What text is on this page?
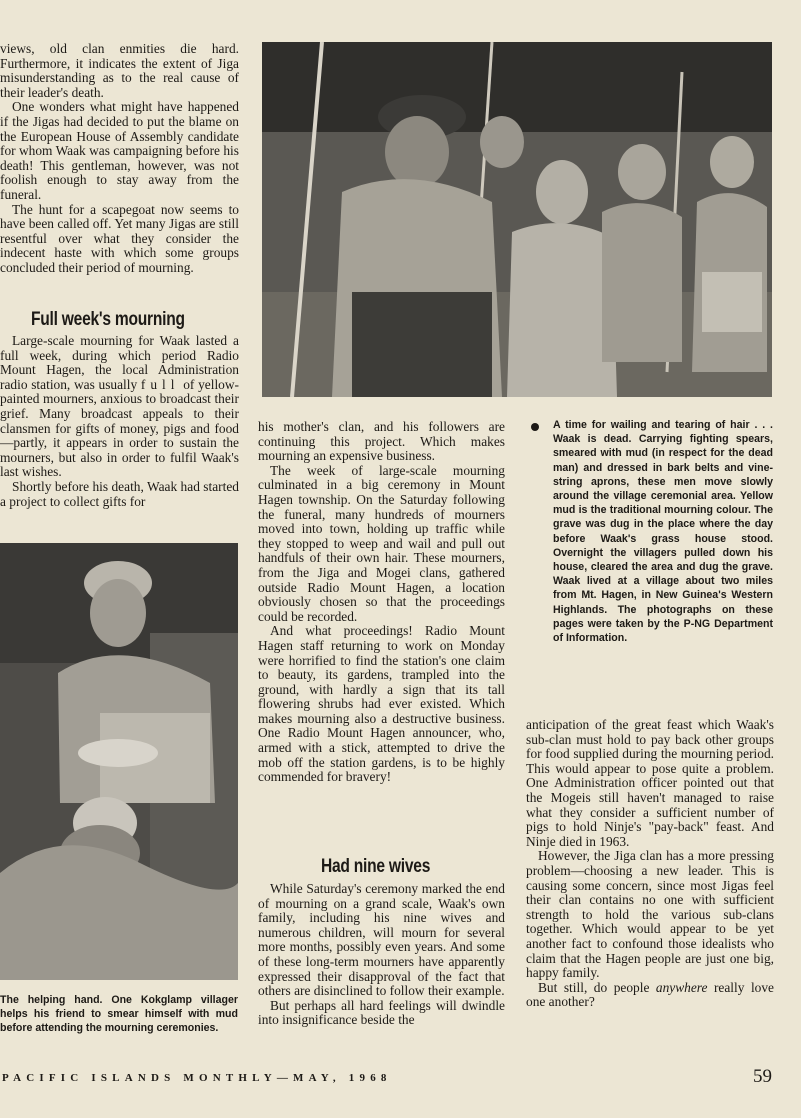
views, old clan enmities die hard. Furthermore, it indicates the extent of Jiga misunderstanding as to the real cause of their leader's death.

One wonders what might have happened if the Jigas had decided to put the blame on the European House of Assembly candidate for whom Waak was campaigning before his death! This gentleman, however, was not foolish enough to stay away from the funeral.

The hunt for a scapegoat now seems to have been called off. Yet many Jigas are still resentful over what they consider the indecent haste with which some groups concluded their period of mourning.

Full week's mourning

Large-scale mourning for Waak lasted a full week, during which period Radio Mount Hagen, the local Administration radio station, was usually full of yellow-painted mourners, anxious to broadcast their grief. Many broadcast appeals to their clansmen for gifts of money, pigs and food—partly, it appears in order to sustain the mourners, but also in order to fulfil Waak's last wishes.

Shortly before his death, Waak had started a project to collect gifts for

The helping hand. One Kokglamp villager helps his friend to smear himself with mud before attending the mourning ceremonies.

his mother's clan, and his followers are continuing this project. Which makes mourning an expensive business.

The week of large-scale mourning culminated in a big ceremony in Mount Hagen township. On the Saturday following the funeral, many hundreds of mourners moved into town, holding up traffic while they stopped to weep and wail and pull out handfuls of their own hair. These mourners, from the Jiga and Mogei clans, gathered outside Radio Mount Hagen, a location obviously chosen so that the proceedings could be recorded.

And what proceedings! Radio Mount Hagen staff returning to work on Monday were horrified to find the station's one claim to beauty, its gardens, trampled into the ground, with hardly a sign that its tall flowering shrubs had ever existed. Which makes mourning also a destructive business. One Radio Mount Hagen announcer, who, armed with a stick, attempted to drive the mob off the station gardens, is to be highly commended for bravery!

Had nine wives

While Saturday's ceremony marked the end of mourning on a grand scale, Waak's own family, including his nine wives and numerous children, will mourn for several more months, possibly even years. And some of these long-term mourners have apparently expressed their disapproval of the fact that others are disinclined to follow their example.

But perhaps all hard feelings will dwindle into insignificance beside the

A time for wailing and tearing of hair . . . Waak is dead. Carrying fighting spears, smeared with mud (in respect for the dead man) and dressed in bark belts and vine-string aprons, these men move slowly around the village ceremonial area. Yellow mud is the traditional mourning colour. The grave was dug in the place where the day before Waak's grass house stood. Overnight the villagers pulled down his house, cleared the area and dug the grave. Waak lived at a village about two miles from Mt. Hagen, in New Guinea's Western Highlands. The photographs on these pages were taken by the P-NG Department of Information.

anticipation of the great feast which Waak's sub-clan must hold to pay back other groups for food supplied during the mourning period. This would appear to pose quite a problem. One Administration officer pointed out that the Mogeis still haven't managed to raise what they consider a sufficient number of pigs to hold Ninje's "pay-back" feast. And Ninje died in 1963.

However, the Jiga clan has a more pressing problem—choosing a new leader. This is causing some concern, since most Jigas feel their clan contains no one with sufficient strength to hold the various sub-clans together. Which would appear to be yet another fact to confound those idealists who claim that the Hagen people are just one big, happy family.

But still, do people anywhere really love one another?

PACIFIC ISLANDS MONTHLY—MAY, 1968	59
